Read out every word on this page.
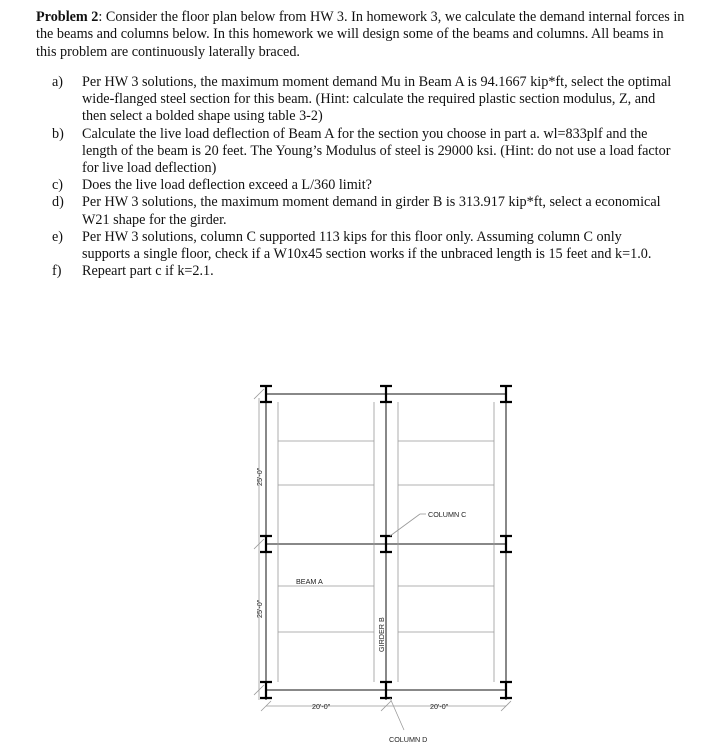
Problem 2: Consider the floor plan below from HW 3. In homework 3, we calculate the demand internal forces in the beams and columns below. In this homework we will design some of the beams and columns. All beams in this problem are continuously laterally braced.
a) Per HW 3 solutions, the maximum moment demand Mu in Beam A is 94.1667 kip*ft, select the optimal wide-flanged steel section for this beam. (Hint: calculate the required plastic section modulus, Z, and then select a bolded shape using table 3-2)
b) Calculate the live load deflection of Beam A for the section you choose in part a. wl=833plf and the length of the beam is 20 feet. The Young’s Modulus of steel is 29000 ksi. (Hint: do not use a load factor for live load deflection)
c) Does the live load deflection exceed a L/360 limit?
d) Per HW 3 solutions, the maximum moment demand in girder B is 313.917 kip*ft, select a economical W21 shape for the girder.
e) Per HW 3 solutions, column C supported 113 kips for this floor only. Assuming column C only supports a single floor, check if a W10x45 section works if the unbraced length is 15 feet and k=1.0.
f) Repeart part c if k=2.1.
COLUMN C
COLUMN D
BEAM A
GIRDER B
25'-0"
25'-0"
20'-0"	20'-0"
